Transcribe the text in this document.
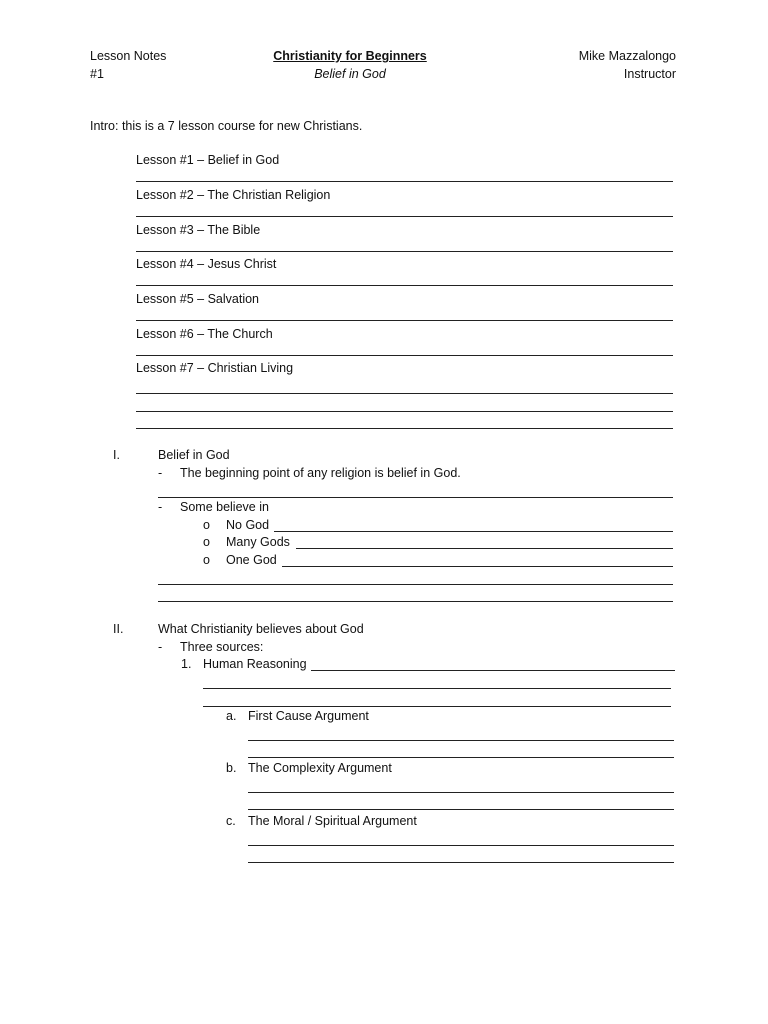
Lesson Notes
#1
Christianity for Beginners
Belief in God
Mike Mazzalongo
Instructor
Intro: this is a 7 lesson course for new Christians.
Lesson #1 – Belief in God
Lesson #2 – The Christian Religion
Lesson #3 – The Bible
Lesson #4 – Jesus Christ
Lesson #5 – Salvation
Lesson #6 – The Church
Lesson #7 – Christian Living
I.	Belief in God
- The beginning point of any religion is belief in God.
- Some believe in
o No God
o Many Gods
o One God
II.	What Christianity believes about God
- Three sources:
1. Human Reasoning
a. First Cause Argument
b. The Complexity Argument
c. The Moral / Spiritual Argument
